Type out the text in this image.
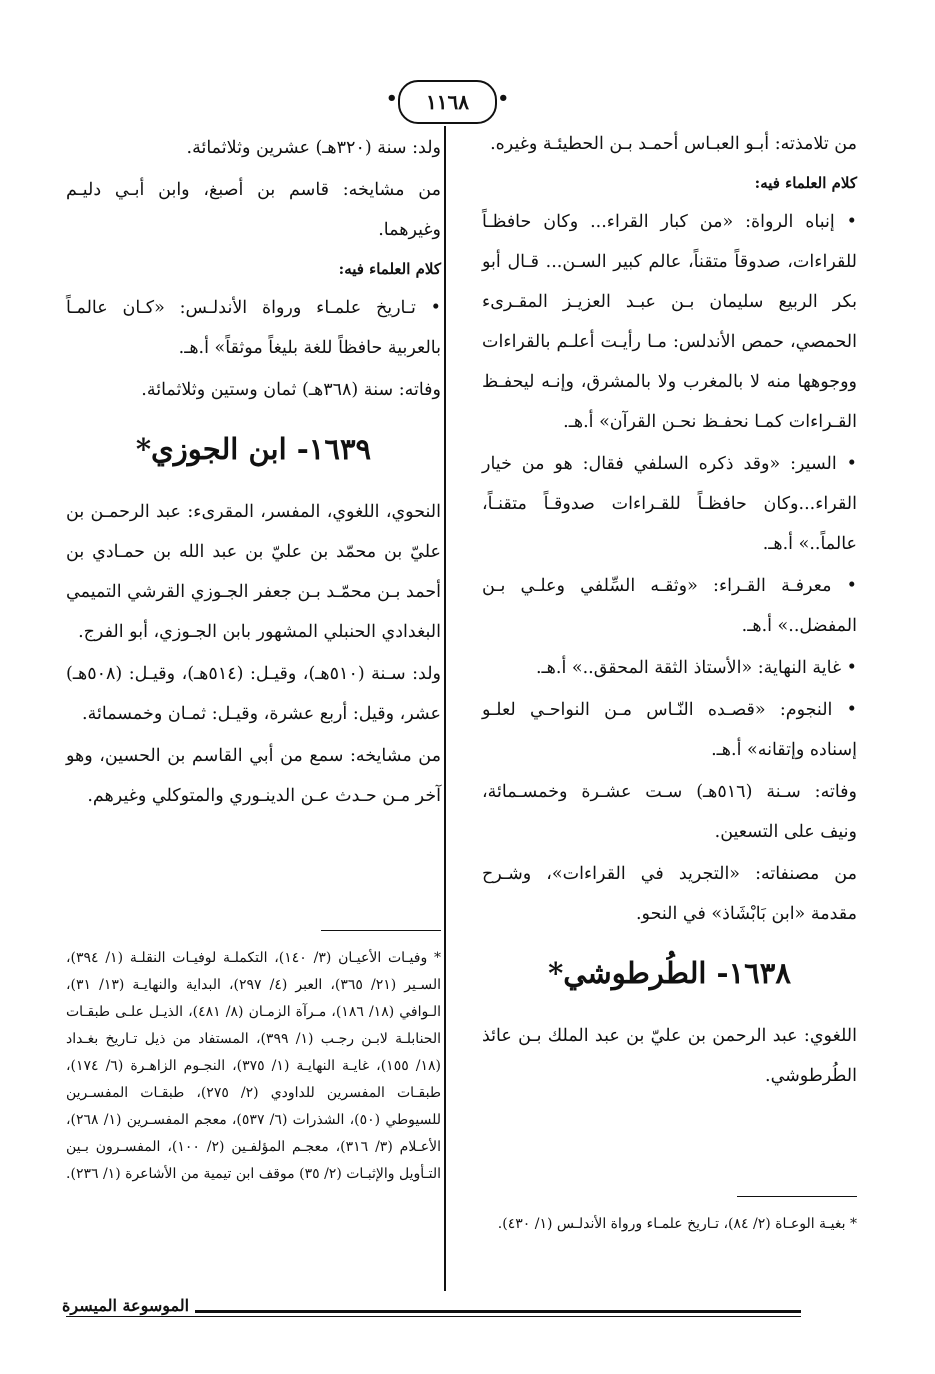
• ١١٦٨ •

من تلامذته: أبـو العبـاس أحمـد بـن الحطيئـة وغيره.

كلام العلماء فيه:

• إنباه الرواة: «من كبار القراء... وكان حافظـاً للقراءات، صدوقاً متقناً، عالم كبير السـن... قـال أبو بكر الربيع سليمان بـن عبـد العزيـز المقـرىء الحمصي، حمص الأندلس: مـا رأيـت أعلـم بالقراءات ووجوهها منه لا بالمغرب ولا بالمشرق، وإنـه ليحفـظ القـراءات كمـا نحفـظ نحـن القرآن» أ.هـ.

• السير: «وقد ذكره السلفي فقال: هو من خيار القراء...وكان حافظـاً للقـراءات صدوقـاً متقنـاً، عالماً..» أ.هـ.

• معرفـة القـراء: «وثقـه السِّلفي وعلـي بـن المفضل..» أ.هـ.

• غاية النهاية: «الأستاذ الثقة المحقق..» أ.هـ.

• النجوم: «قصـده النّـاس مـن النواحـي لعلـو إسناده وإتقانه» أ.هـ.

وفاته: سـنة (٥١٦هـ) سـت عشـرة وخمسـمائة، ونيف على التسعين.

من مصنفاته: «التجريد في القراءات»، وشـرح مقدمة «ابن بَابْشَاذ» في النحو.

١٦٣٨- الطُرطوشي*

اللغوي: عبد الرحمن بن عليّ بن عبد الملك بـن عائذ الطُرطوشي.

* بغيـة الوعـاة (٢/ ٨٤)، تـاريخ علمـاء ورواة الأندلـس (١/ ٤٣٠).

ولد: سنة (٣٢٠هـ) عشرين وثلاثمائة.

من مشايخه: قاسم بن أصبغ، وابن أبـي دليـم وغيرهما.

كلام العلماء فيه:

• تـاريخ علمـاء ورواة الأندلـس: «كـان عالمـاً بالعربية حافظاً للغة بليغاً موثقاً» أ.هـ.

وفاته: سنة (٣٦٨هـ) ثمان وستين وثلاثمائة.

١٦٣٩- ابن الجوزي*

النحوي، اللغوي، المفسر، المقرىء: عبد الرحمـن بن عليّ بن محمّد بن عليّ بن عبد الله بن حمـادي بن أحمد بـن محمّـد بـن جعفر الجـوزي القرشي التميمي البغدادي الحنبلي المشهور بابن الجـوزي، أبو الفرج.

ولد: سـنة (٥١٠هـ)، وقيـل: (٥١٤هـ)، وقيـل: (٥٠٨هـ) عشر، وقيل: أربع عشرة، وقيـل: ثمـان وخمسمائة.

من مشايخه: سمع من أبي القاسم بن الحسين، وهو آخر مـن حـدث عـن الدينـوري والمتوكلي وغيرهم.

* وفيـات الأعيـان (٣/ ١٤٠)، التكملـة لوفيـات النقلـة (١/ ٣٩٤)، السـير (٢١/ ٣٦٥)، العبر (٤/ ٢٩٧)، البداية والنهايـة (١٣/ ٣١)، الـوافي (١٨/ ١٨٦)، مـرآة الزمـان (٨/ ٤٨١)، الذيـل علـى طبقـات الحنابلـة لابـن رجـب (١/ ٣٩٩)، المستفاد من ذيل تـاريخ بغـداد (١٨/ ١٥٥)، غايـة النهايـة (١/ ٣٧٥)، النجـوم الزاهـرة (٦/ ١٧٤)، طبقـات المفسرين للداودي (٢/ ٢٧٥)، طبقـات المفسـرين للسيوطي (٥٠)، الشذرات (٦/ ٥٣٧)، معجم المفسـرين (١/ ٢٦٨)، الأعـلام (٣/ ٣١٦)، معجـم المؤلفـين (٢/ ١٠٠)، المفسـرون بـين التـأويل والإثبـات (٢/ ٣٥) موقف ابن تيمية من الأشاعرة (١/ ٢٣٦).
الموسوعة الميسرة
